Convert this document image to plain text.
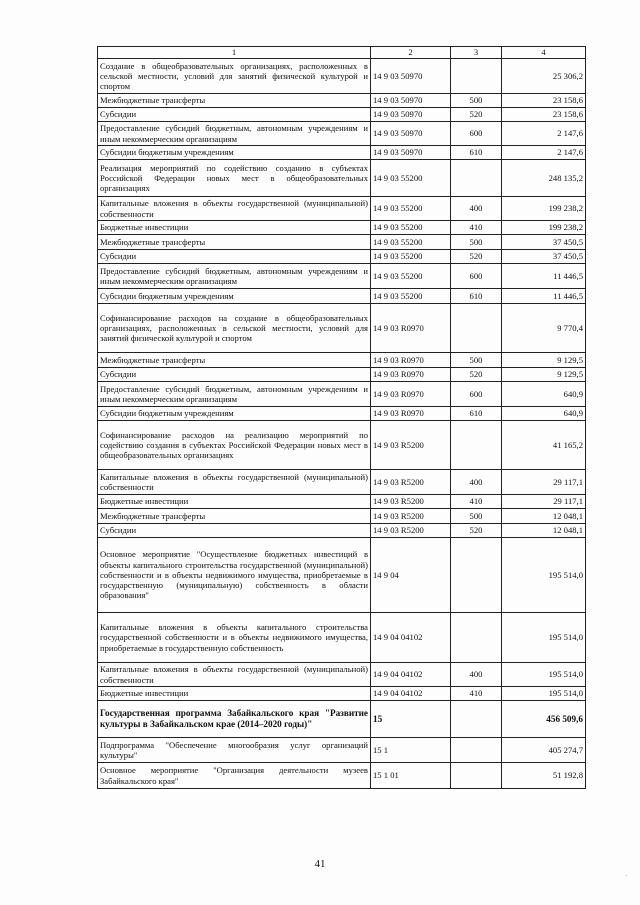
1	2	3	4
Создание в общеобразовательных организациях, расположенных в сельской местности, условий для занятий физической культурой и спортом	14 9 03 50970		25 306,2
Межбюджетные трансферты	14 9 03 50970	500	23 158,6
Субсидии	14 9 03 50970	520	23 158,6
Предоставление субсидий бюджетным, автономным учреждениям и иным некоммерческим организациям	14 9 03 50970	600	2 147,6
Субсидии бюджетным учреждениям	14 9 03 50970	610	2 147,6
Реализация мероприятий по содействию созданию в субъектах Российской Федерации новых мест в общеобразовательных организациях	14 9 03 55200		248 135,2
Капитальные вложения в объекты государственной (муниципальной) собственности	14 9 03 55200	400	199 238,2
Бюджетные инвестиции	14 9 03 55200	410	199 238,2
Межбюджетные трансферты	14 9 03 55200	500	37 450,5
Субсидии	14 9 03 55200	520	37 450,5
Предоставление субсидий бюджетным, автономным учреждениям и иным некоммерческим организациям	14 9 03 55200	600	11 446,5
Субсидии бюджетным учреждениям	14 9 03 55200	610	11 446,5
Софинансирование расходов на создание в общеобразовательных организациях, расположенных в сельской местности, условий для занятий физической культурой и спортом	14 9 03 R0970		9 770,4
Межбюджетные трансферты	14 9 03 R0970	500	9 129,5
Субсидии	14 9 03 R0970	520	9 129,5
Предоставление субсидий бюджетным, автономным учреждениям и иным некоммерческим организациям	14 9 03 R0970	600	640,9
Субсидии бюджетным учреждениям	14 9 03 R0970	610	640,9
Софинансирование расходов на реализацию мероприятий по содействию создания в субъектах Российской Федерации новых мест в общеобразовательных организациях	14 9 03 R5200		41 165,2
Капитальные вложения в объекты государственной (муниципальной) собственности	14 9 03 R5200	400	29 117,1
Бюджетные инвестиции	14 9 03 R5200	410	29 117,1
Межбюджетные трансферты	14 9 03 R5200	500	12 048,1
Субсидии	14 9 03 R5200	520	12 048,1
Основное мероприятие "Осуществление бюджетных инвестиций в объекты капитального строительства государственной (муниципальной) собственности и в объекты недвижимого имущества, приобретаемые в государственную (муниципальную) собственность в области образования"	14 9 04		195 514,0
Капитальные вложения в объекты капитального строительства государственной собственности и в объекты недвижимого имущества, приобретаемые в государственную собственность	14 9 04 04102		195 514,0
Капитальные вложения в объекты государственной (муниципальной) собственности	14 9 04 04102	400	195 514,0
Бюджетные инвестиции	14 9 04 04102	410	195 514,0
Государственная программа Забайкальского края "Развитие культуры в Забайкальском крае (2014–2020 годы)"	15		456 509,6
Подпрограмма "Обеспечение многообразия услуг организаций культуры"	15 1		405 274,7
Основное мероприятие "Организация деятельности музеев Забайкальского края"	15 1 01		51 192,8
41
·
